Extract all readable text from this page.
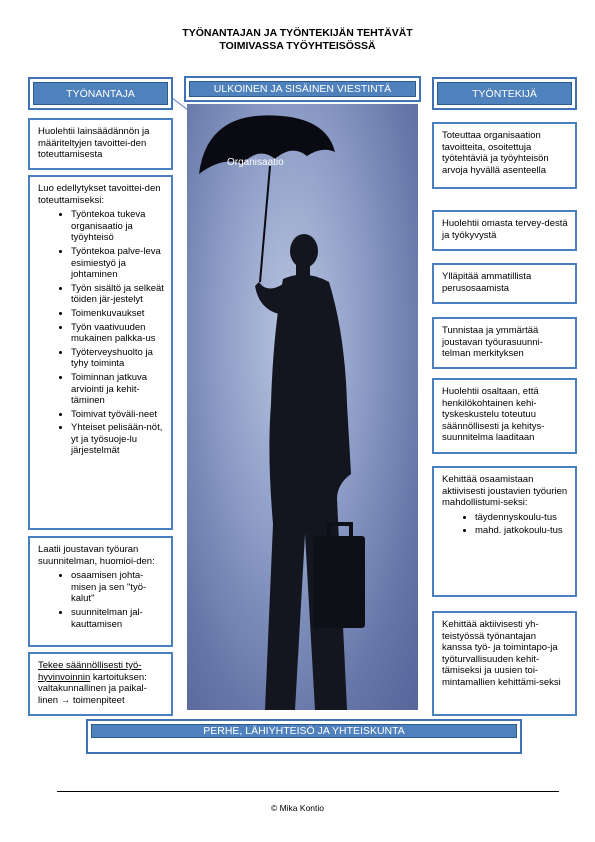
TYÖNANTAJAN JA TYÖNTEKIJÄN TEHTÄVÄT
TOIMIVASSA TYÖYHTEISÖSSÄ
TYÖNANTAJA	ULKOINEN JA SISÄINEN VIESTINTÄ	TYÖNTEKIJÄ
Organisaatio
Huolehtii lainsäädännön ja määriteltyjen tavoittei-den toteuttamisesta
Luo edellytykset tavoittei-den toteuttamiseksi:
• Työntekoa tukeva organisaatio ja työyhteisö
• Työntekoa palve-leva esimiestyö ja johtaminen
• Työn sisältö ja selkeät töiden jär-jestelyt
• Toimenkuvaukset
• Työn vaativuuden mukainen palkka-us
• Työterveyshuolto ja tyhy toiminta
• Toiminnan jatkuva arviointi ja kehit-täminen
• Toimivat työväli-neet
• Yhteiset pelisään-nöt, yt ja työsuoje-lu järjestelmät
Laatii joustavan työuran suunnitelman, huomioi-den:
• osaamisen johta-misen ja sen "työ-kalut"
• suunnitelman jal-kauttamisen
Tekee säännöllisesti työ-hyvinvoinnin kartoituksen: valtakunnallinen ja paikal-linen → toimenpiteet
Toteuttaa organisaation tavoitteita, osoitettuja työtehtäviä ja työyhteisön arvoja hyvällä asenteella
Huolehtii omasta tervey-destä ja työkyvystä
Ylläpitää ammatillista perusosaamista
Tunnistaa ja ymmärtää joustavan työurasuunni-telman merkityksen
Huolehtii osaltaan, että henkilökohtainen kehi-tyskeskustelu toteutuu säännöllisesti ja kehitys-suunnitelma laaditaan
Kehittää osaamistaan aktiivisesti joustavien työurien mahdollistumi-seksi:
• täydennyskoulu-tus
• mahd. jatkokoulu-tus
Kehittää aktiivisesti yh-teistyössä työnantajan kanssa työ- ja toimintapo-ja työturvallisuuden kehit-tämiseksi ja uusien toi-mintamallien kehittämi-seksi
PERHE, LÄHIYHTEISÖ JA YHTEISKUNTA
© Mika Kontio
